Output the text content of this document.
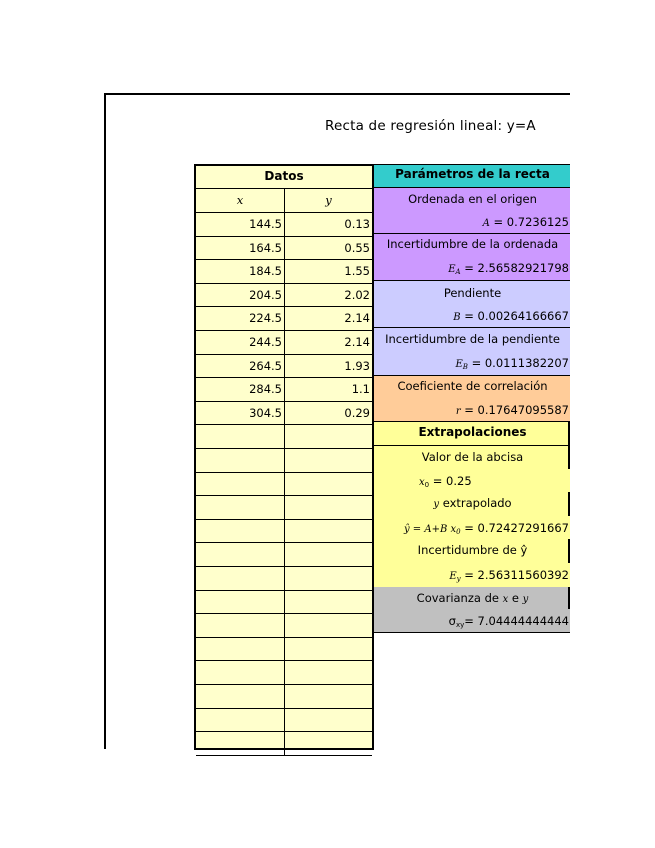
Recta de regresión lineal: y=A
Datos
x	y
144.5	0.13
164.5	0.55
184.5	1.55
204.5	2.02
224.5	2.14
244.5	2.14
264.5	1.93
284.5	1.1
304.5	0.29
Parámetros de la recta
Ordenada en el origen
A = 0.7236125
Incertidumbre de la ordenada
$E_A = 2.56582921798$
Pendiente
B = 0.00264166667
Incertidumbre de la pendiente
$E_B = 0.0111382207$
Coeficiente de correlación
r = 0.17647095587
Extrapolaciones
Valor de la abcisa
$x_0 = 0.25$
y extrapolado
ŷ = A+B $x_0 = 0.72427291667$
Incertidumbre de ŷ
$E_y = 2.56311560392$
Covarianza de x e y
$\sigma_{xy}= 7.04444444444$
